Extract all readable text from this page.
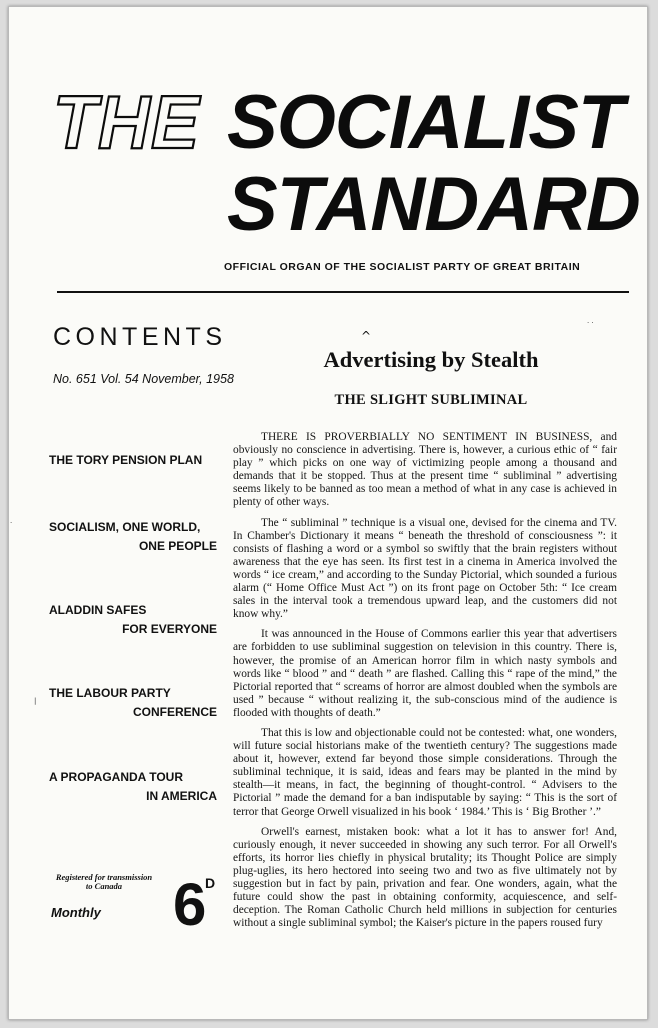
THE SOCIALIST
STANDARD
OFFICIAL ORGAN OF THE SOCIALIST PARTY OF GREAT BRITAIN
CONTENTS
No. 651 Vol. 54 November, 1958
THE TORY PENSION PLAN
SOCIALISM, ONE WORLD,
ONE PEOPLE
ALADDIN SAFES
FOR EVERYONE
THE LABOUR PARTY
CONFERENCE
A PROPAGANDA TOUR
IN AMERICA
Registered for transmission
to Canada
Monthly 6
D
^
· ·
·
|
Advertising by Stealth
THE SLIGHT SUBLIMINAL

THERE IS PROVERBIALLY NO SENTIMENT IN BUSINESS, and obviously no conscience in advertising. There is, however, a curious ethic of “ fair play ” which picks on one way of victimizing people among a thousand and demands that it be stopped. Thus at the present time “ subliminal ” advertising seems likely to be banned as too mean a method of what in any case is achieved in plenty of other ways.

The “ subliminal ” technique is a visual one, devised for the cinema and TV. In Chamber's Dictionary it means “ beneath the threshold of consciousness ”: it consists of flashing a word or a symbol so swiftly that the brain registers without awareness that the eye has seen. Its first test in a cinema in America involved the words “ ice cream,” and according to the Sunday Pictorial, which sounded a furious alarm (“ Home Office Must Act ”) on its front page on October 5th: “ Ice cream sales in the interval took a tremendous upward leap, and the customers did not know why.”

It was announced in the House of Commons earlier this year that advertisers are forbidden to use subliminal suggestion on television in this country. There is, however, the promise of an American horror film in which nasty symbols and words like “ blood ” and “ death ” are flashed. Calling this “ rape of the mind,” the Pictorial reported that “ screams of horror are almost doubled when the symbols are used ” because “ without realizing it, the sub-conscious mind of the audience is flooded with thoughts of death.”

That this is low and objectionable could not be contested: what, one wonders, will future social historians make of the twentieth century? The suggestions made about it, however, extend far beyond those simple considerations. Through the subliminal technique, it is said, ideas and fears may be planted in the mind by stealth—it means, in fact, the beginning of thought-control. “ Advisers to the Pictorial ” made the demand for a ban indisputable by saying: “ This is the sort of terror that George Orwell visualized in his book ‘ 1984.’ This is ‘ Big Brother ’.”

Orwell's earnest, mistaken book: what a lot it has to answer for! And, curiously enough, it never succeeded in showing any such terror. For all Orwell's efforts, its horror lies chiefly in physical brutality; its Thought Police are simply plug-uglies, its hero hectored into seeing two and two as five ultimately not by suggestion but in fact by pain, privation and fear. One wonders, again, what the future could show the past in obtaining conformity, acquiescence, and self-deception. The Roman Catholic Church held millions in subjection for centuries without a single subliminal symbol; the Kaiser's picture in the papers roused fury
